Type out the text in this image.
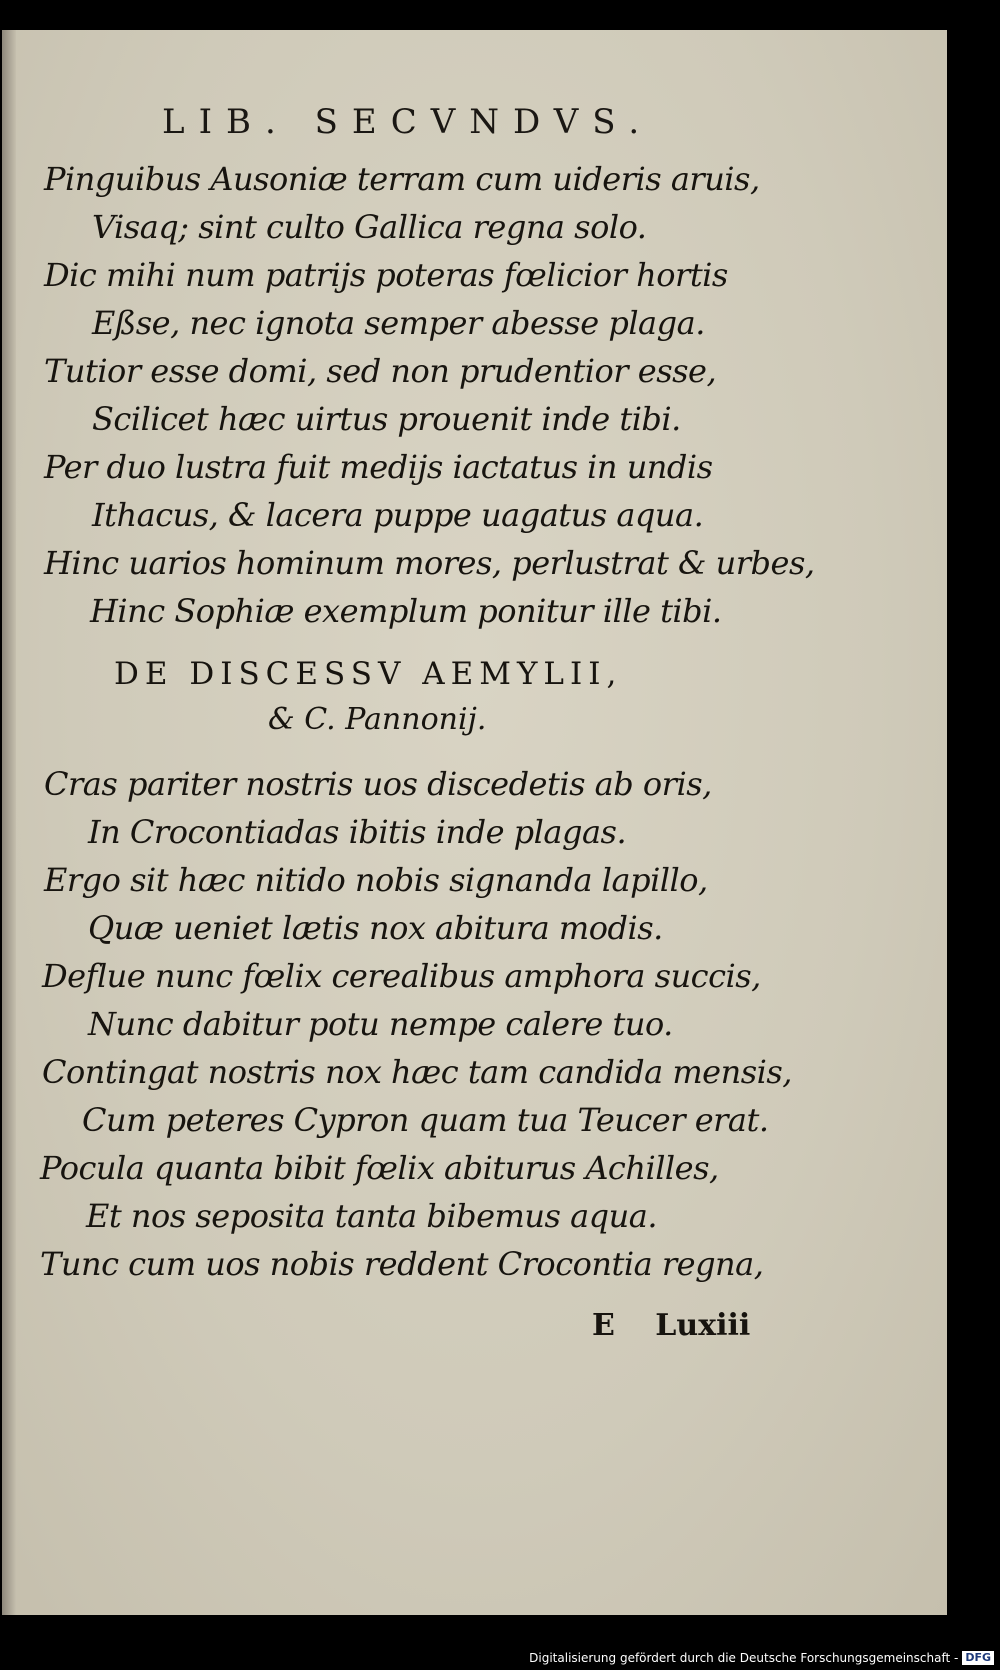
LIB. SECVNDVS.
Pinguibus Ausoniæ terram cum uideris aruis,
Visaq; sint culto Gallica regna solo.
Dic mihi num patrijs poteras fœlicior hortis
Eßse, nec ignota semper abesse plaga.
Tutior esse domi, sed non prudentior esse,
Scilicet hæc uirtus prouenit inde tibi.
Per duo lustra fuit medijs iactatus in undis
Ithacus, & lacera puppe uagatus aqua.
Hinc uarios hominum mores, perlustrat & urbes,
Hinc Sophiæ exemplum ponitur ille tibi.
DE DISCESSV AEMYLII,
& C. Pannonij.
Cras pariter nostris uos discedetis ab oris,
In Crocontiadas ibitis inde plagas.
Ergo sit hæc nitido nobis signanda lapillo,
Quæ ueniet lætis nox abitura modis.
Deflue nunc fœlix cerealibus amphora succis,
Nunc dabitur potu nempe calere tuo.
Contingat nostris nox hæc tam candida mensis,
Cum peteres Cypron quam tua Teucer erat.
Pocula quanta bibit fœlix abiturus Achilles,
Et nos seposita tanta bibemus aqua.
Tunc cum uos nobis reddent Crocontia regna,
E Luxiii
Digitalisierung gefördert durch die Deutsche Forschungsgemeinschaft - DFG
